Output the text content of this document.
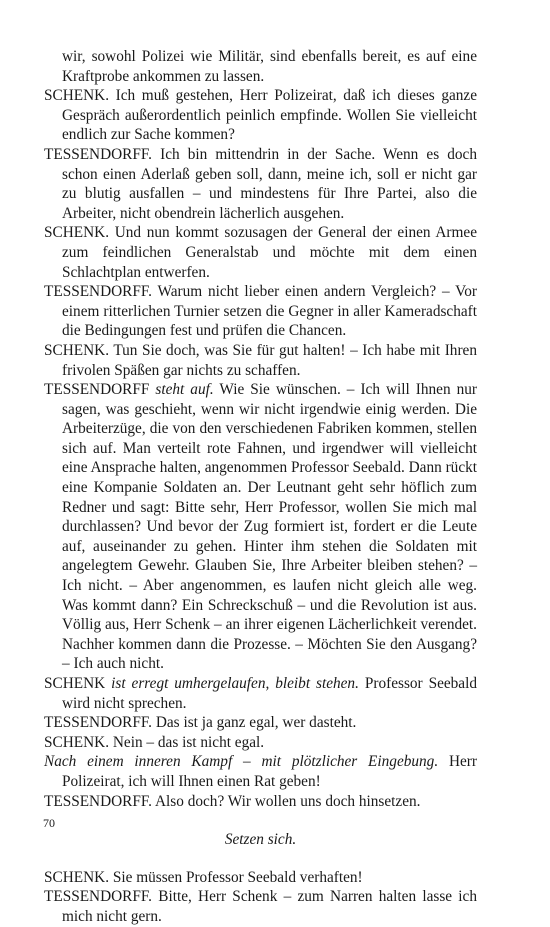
wir, sowohl Polizei wie Militär, sind ebenfalls bereit, es auf eine Kraftprobe ankommen zu lassen.

SCHENK. Ich muß gestehen, Herr Polizeirat, daß ich dieses ganze Gespräch außerordentlich peinlich empfinde. Wollen Sie vielleicht endlich zur Sache kommen?

TESSENDORFF. Ich bin mittendrin in der Sache. Wenn es doch schon einen Aderlaß geben soll, dann, meine ich, soll er nicht gar zu blutig ausfallen – und mindestens für Ihre Partei, also die Arbeiter, nicht obendrein lächerlich ausgehen.

SCHENK. Und nun kommt sozusagen der General der einen Armee zum feindlichen Generalstab und möchte mit dem einen Schlachtplan entwerfen.

TESSENDORFF. Warum nicht lieber einen andern Vergleich? – Vor einem ritterlichen Turnier setzen die Gegner in aller Kameradschaft die Bedingungen fest und prüfen die Chancen.

SCHENK. Tun Sie doch, was Sie für gut halten! – Ich habe mit Ihren frivolen Späßen gar nichts zu schaffen.

TESSENDORFF steht auf. Wie Sie wünschen. – Ich will Ihnen nur sagen, was geschieht, wenn wir nicht irgendwie einig werden. Die Arbeiterzüge, die von den verschiedenen Fabriken kommen, stellen sich auf. Man verteilt rote Fahnen, und irgendwer will vielleicht eine Ansprache halten, angenommen Professor Seebald. Dann rückt eine Kompanie Soldaten an. Der Leutnant geht sehr höflich zum Redner und sagt: Bitte sehr, Herr Professor, wollen Sie mich mal durchlassen? Und bevor der Zug formiert ist, fordert er die Leute auf, auseinander zu gehen. Hinter ihm stehen die Soldaten mit angelegtem Gewehr. Glauben Sie, Ihre Arbeiter bleiben stehen? – Ich nicht. – Aber angenommen, es laufen nicht gleich alle weg. Was kommt dann? Ein Schreckschuß – und die Revolution ist aus. Völlig aus, Herr Schenk – an ihrer eigenen Lächerlichkeit verendet. Nachher kommen dann die Prozesse. – Möchten Sie den Ausgang? – Ich auch nicht.

SCHENK ist erregt umhergelaufen, bleibt stehen. Professor Seebald wird nicht sprechen.

TESSENDORFF. Das ist ja ganz egal, wer dasteht.

SCHENK. Nein – das ist nicht egal.

Nach einem inneren Kampf – mit plötzlicher Eingebung. Herr Polizeirat, ich will Ihnen einen Rat geben!

TESSENDORFF. Also doch? Wir wollen uns doch hinsetzen.

Setzen sich.

SCHENK. Sie müssen Professor Seebald verhaften!

TESSENDORFF. Bitte, Herr Schenk – zum Narren halten lasse ich mich nicht gern.

70
